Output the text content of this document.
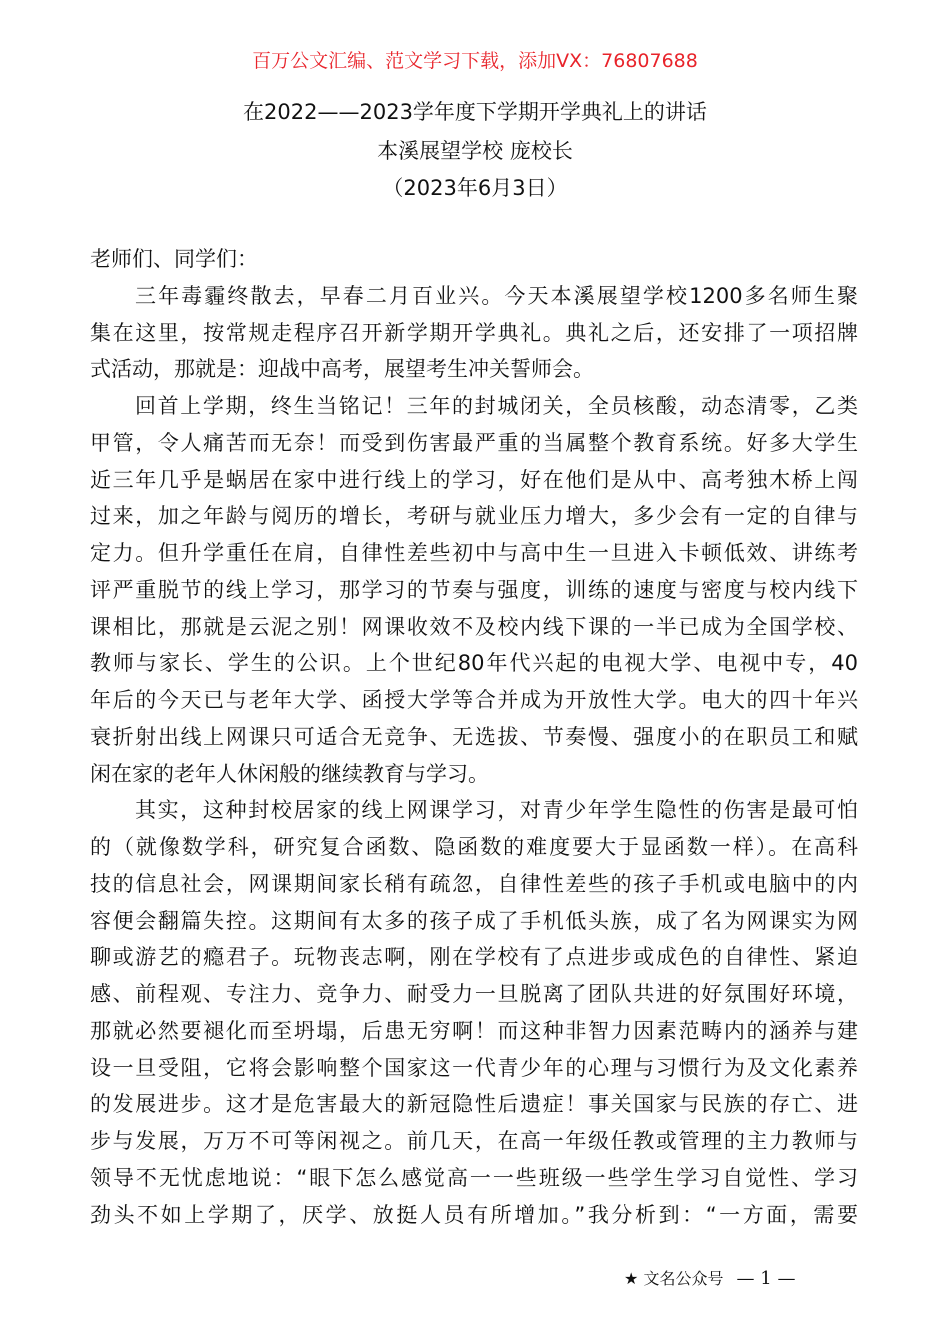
百万公文汇编、范文学习下载，添加VX：76807688
在2022——2023学年度下学期开学典礼上的讲话
本溪展望学校 庞校长
（2023年6月3日）
老师们、同学们：
三年毒霾终散去，早春二月百业兴。今天本溪展望学校1200多名师生聚
集在这里，按常规走程序召开新学期开学典礼。典礼之后，还安排了一项招牌
式活动，那就是：迎战中高考，展望考生冲关誓师会。
回首上学期，终生当铭记！三年的封城闭关，全员核酸，动态清零，乙类
甲管，令人痛苦而无奈！而受到伤害最严重的当属整个教育系统。好多大学生
近三年几乎是蜗居在家中进行线上的学习，好在他们是从中、高考独木桥上闯
过来，加之年龄与阅历的增长，考研与就业压力增大，多少会有一定的自律与
定力。但升学重任在肩，自律性差些初中与高中生一旦进入卡顿低效、讲练考
评严重脱节的线上学习，那学习的节奏与强度，训练的速度与密度与校内线下
课相比，那就是云泥之别！网课收效不及校内线下课的一半已成为全国学校、
教师与家长、学生的公识。上个世纪80年代兴起的电视大学、电视中专，40
年后的今天已与老年大学、函授大学等合并成为开放性大学。电大的四十年兴
衰折射出线上网课只可适合无竞争、无选拔、节奏慢、强度小的在职员工和赋
闲在家的老年人休闲般的继续教育与学习。
其实，这种封校居家的线上网课学习，对青少年学生隐性的伤害是最可怕
的（就像数学科，研究复合函数、隐函数的难度要大于显函数一样）。在高科
技的信息社会，网课期间家长稍有疏忽，自律性差些的孩子手机或电脑中的内
容便会翻篇失控。这期间有太多的孩子成了手机低头族，成了名为网课实为网
聊或游艺的瘾君子。玩物丧志啊，刚在学校有了点进步或成色的自律性、紧迫
感、前程观、专注力、竞争力、耐受力一旦脱离了团队共进的好氛围好环境，
那就必然要褪化而至坍塌，后患无穷啊！而这种非智力因素范畴内的涵养与建
设一旦受阻，它将会影响整个国家这一代青少年的心理与习惯行为及文化素养
的发展进步。这才是危害最大的新冠隐性后遗症！事关国家与民族的存亡、进
步与发展，万万不可等闲视之。前几天，在高一年级任教或管理的主力教师与
领导不无忧虑地说：“眼下怎么感觉高一一些班级一些学生学习自觉性、学习
劲头不如上学期了，厌学、放挺人员有所增加。”我分析到：“一方面，需要
★ 文名公众号 — 1 —
